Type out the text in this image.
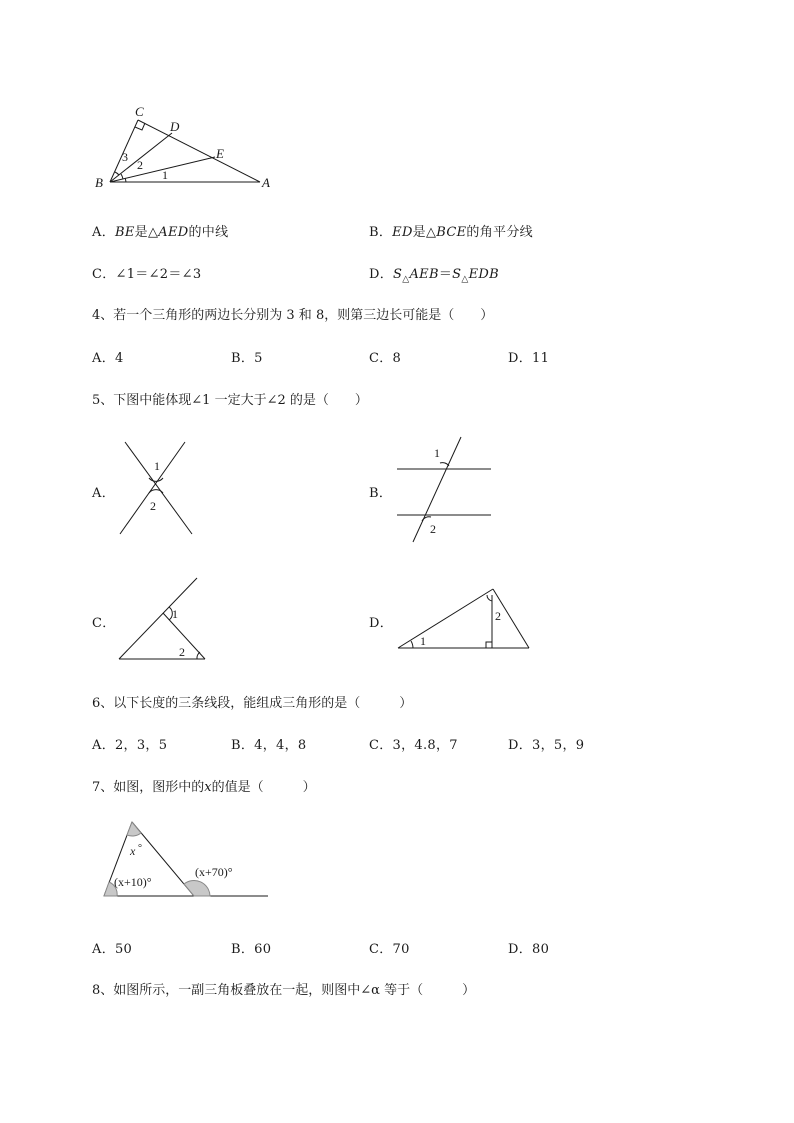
C
D
E
B	A
3
2
1
A．BE是△AED的中线	B．ED是△BCE的角平分线
C．∠1＝∠2＝∠3	D．$S_\triangle AEB=S_\triangle EDB$
4、若一个三角形的两边长分别为 3 和 8，则第三边长可能是（　　）
A．4	B．5	C．8	D．11
5、下图中能体现∠1 一定大于∠2 的是（　　）
A．
1
2
B．
1
2
C．
1
2
D．
1
2
6、以下长度的三条线段，能组成三角形的是（　　　）
A．2，3，5	B．4，4，8	C．3，4.8，7	D．3，5，9
7、如图，图形中的x的值是（　　　）
x °
(x+10)°
(x+70)°
A．50	B．60	C．70	D．80
8、如图所示，一副三角板叠放在一起，则图中∠α 等于（　　　）
